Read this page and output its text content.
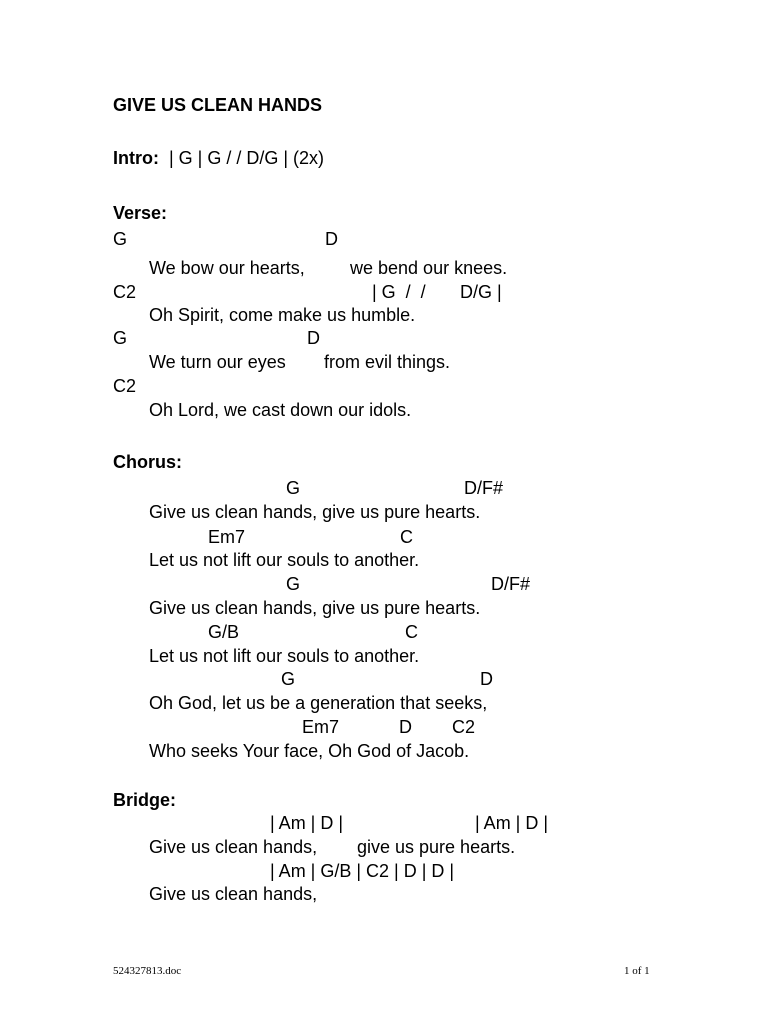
GIVE US CLEAN HANDS
Intro: | G | G / / D/G | (2x)
Verse:
G	D
We bow our hearts,	we bend our knees.
C2	| G  /  / D/G |
Oh Spirit, come make us humble.
G	D
We turn our eyes from evil things.
C2
Oh Lord, we cast down our idols.
Chorus:
G	D/F#
Give us clean hands, give us pure hearts.
Em7	C
Let us not lift our souls to another.
G	D/F#
Give us clean hands, give us pure hearts.
G/B	C
Let us not lift our souls to another.
G	D
Oh God, let us be a generation that seeks,
Em7	D C2
Who seeks Your face, Oh God of Jacob.
Bridge:
| Am | D |	| Am | D |
Give us clean hands, give us pure hearts.
| Am | G/B | C2 | D | D |
Give us clean hands,
524327813.doc	1 of 1
